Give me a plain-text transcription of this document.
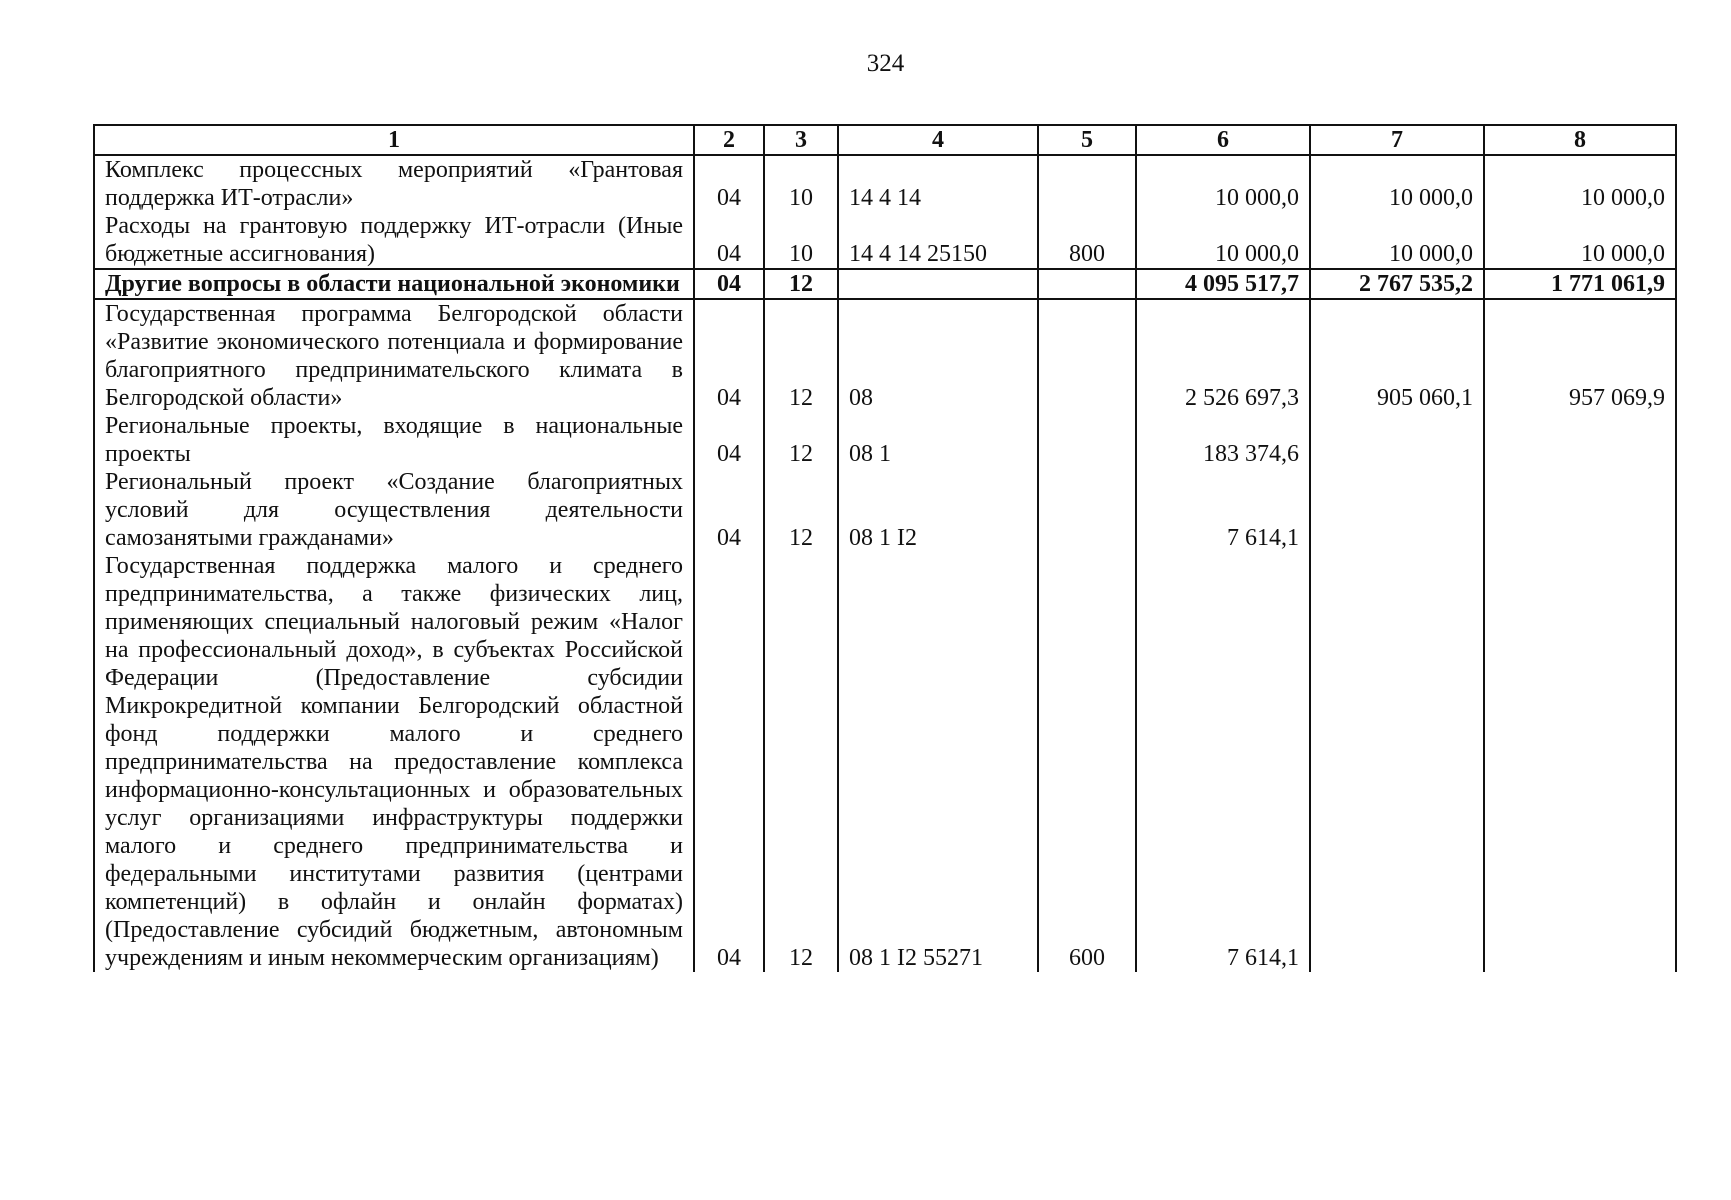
324
1	2	3	4	5	6	7	8
Комплекс процессных мероприятий «Грантовая поддержка ИТ-отрасли»	04	10	14 4 14		10 000,0	10 000,0	10 000,0
Расходы на грантовую поддержку ИТ-отрасли (Иные бюджетные ассигнования)	04	10	14 4 14 25150	800	10 000,0	10 000,0	10 000,0
Другие вопросы в области национальной экономики	04	12			4 095 517,7	2 767 535,2	1 771 061,9
Государственная программа Белгородской области «Развитие экономического потенциала и формирование благоприятного предпринимательского климата в Белгородской области»	04	12	08		2 526 697,3	905 060,1	957 069,9
Региональные проекты, входящие в национальные проекты	04	12	08 1		183 374,6		
Региональный проект «Создание благоприятных условий для осуществления деятельности самозанятыми гражданами»	04	12	08 1 I2		7 614,1		
Государственная поддержка малого и среднего предпринимательства, а также физических лиц, применяющих специальный налоговый режим «Налог на профессиональный доход», в субъектах Российской Федерации (Предоставление субсидии Микрокредитной компании Белгородский областной фонд поддержки малого и среднего предпринимательства на предоставление комплекса информационно-консультационных и образовательных услуг организациями инфраструктуры поддержки малого и среднего предпринимательства и федеральными институтами развития (центрами компетенций) в офлайн и онлайн форматах) (Предоставление субсидий бюджетным, автономным учреждениям и иным некоммерческим организациям)	04	12	08 1 I2 55271	600	7 614,1		
